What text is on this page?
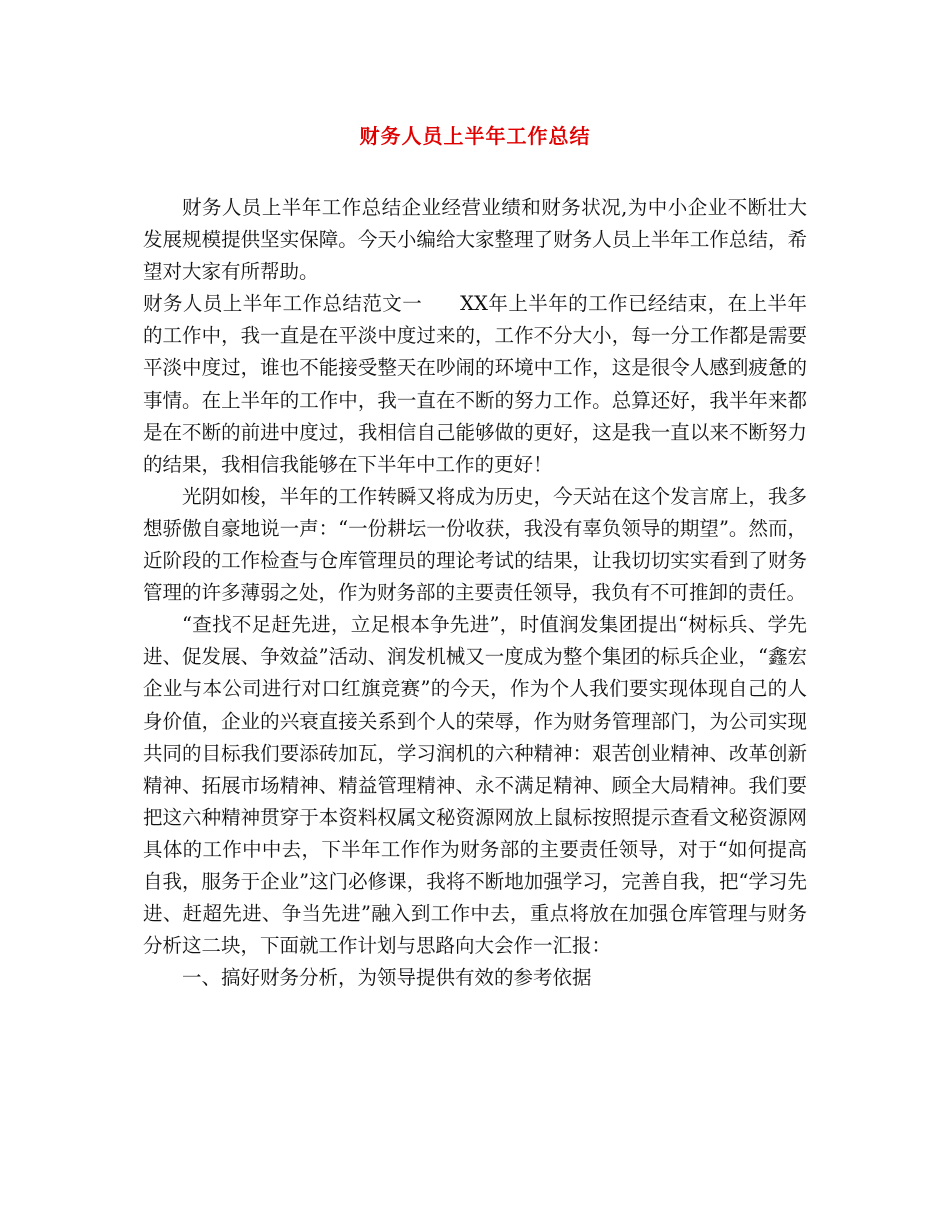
财务人员上半年工作总结

财务人员上半年工作总结企业经营业绩和财务状况,为中小企业不断壮大发展规模提供坚实保障。今天小编给大家整理了财务人员上半年工作总结，希望对大家有所帮助。

财务人员上半年工作总结范文一 XX年上半年的工作已经结束，在上半年的工作中，我一直是在平淡中度过来的，工作不分大小，每一分工作都是需要平淡中度过，谁也不能接受整天在吵闹的环境中工作，这是很令人感到疲惫的事情。在上半年的工作中，我一直在不断的努力工作。总算还好，我半年来都是在不断的前进中度过，我相信自己能够做的更好，这是我一直以来不断努力的结果，我相信我能够在下半年中工作的更好！

光阴如梭，半年的工作转瞬又将成为历史，今天站在这个发言席上，我多想骄傲自豪地说一声：“一份耕坛一份收获，我没有辜负领导的期望”。然而，近阶段的工作检查与仓库管理员的理论考试的结果，让我切切实实看到了财务管理的许多薄弱之处，作为财务部的主要责任领导，我负有不可推卸的责任。

“查找不足赶先进，立足根本争先进”，时值润发集团提出“树标兵、学先进、促发展、争效益”活动、润发机械又一度成为整个集团的标兵企业，“鑫宏企业与本公司进行对口红旗竞赛”的今天，作为个人我们要实现体现自己的人身价值，企业的兴衰直接关系到个人的荣辱，作为财务管理部门，为公司实现共同的目标我们要添砖加瓦，学习润机的六种精神：艰苦创业精神、改革创新精神、拓展市场精神、精益管理精神、永不满足精神、顾全大局精神。我们要把这六种精神贯穿于本资料权属文秘资源网放上鼠标按照提示查看文秘资源网具体的工作中中去，下半年工作作为财务部的主要责任领导，对于“如何提高自我，服务于企业”这门必修课，我将不断地加强学习，完善自我，把“学习先进、赶超先进、争当先进”融入到工作中去，重点将放在加强仓库管理与财务分析这二块，下面就工作计划与思路向大会作一汇报：

一、搞好财务分析，为领导提供有效的参考依据
